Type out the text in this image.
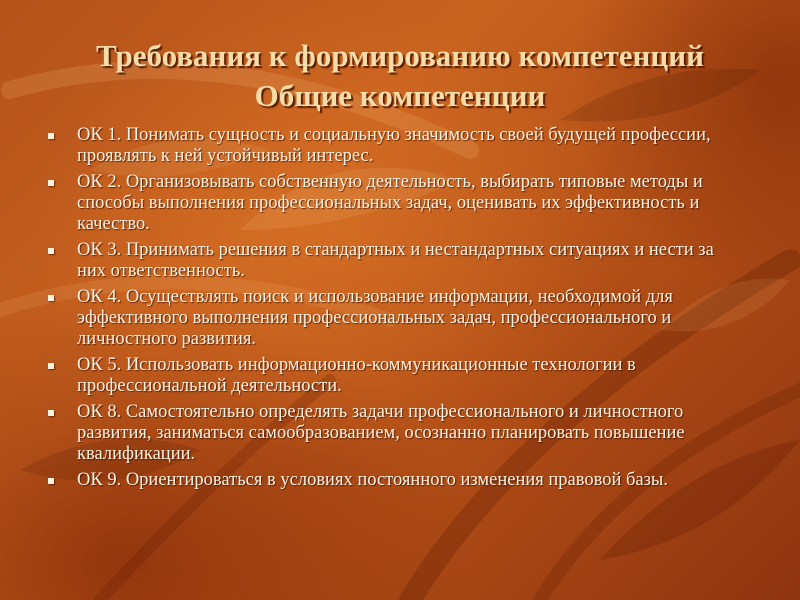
Требования к формированию компетенций
Общие компетенции
ОК 1. Понимать сущность и социальную значимость своей будущей профессии, проявлять к ней устойчивый интерес.
ОК 2. Организовывать собственную деятельность, выбирать типовые методы и способы выполнения профессиональных задач, оценивать их эффективность и качество.
ОК 3. Принимать решения в стандартных и нестандартных ситуациях и нести за них ответственность.
ОК 4. Осуществлять поиск и использование информации, необходимой для эффективного выполнения профессиональных задач, профессионального и личностного развития.
ОК 5. Использовать информационно-коммуникационные технологии в профессиональной деятельности.
ОК 8. Самостоятельно определять задачи профессионального и личностного развития, заниматься самообразованием, осознанно планировать повышение квалификации.
ОК 9. Ориентироваться в условиях постоянного изменения правовой базы.
